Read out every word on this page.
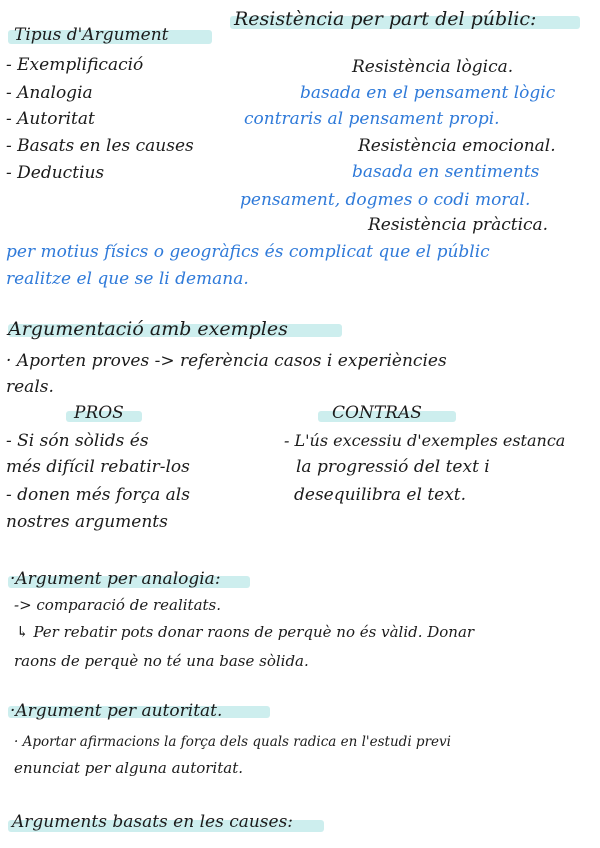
Tipus d'Argument
Resistència per part del públic:
- Exemplificació
- Analogia
- Autoritat
- Basats en les causes
- Deductius
Resistència lògica.
basada en el pensament lògic
contraris al pensament propi.
Resistència emocional.
basada en sentiments
pensament, dogmes o codi moral.
Resistència pràctica.
per motius físics o geogràfics és complicat que el públic
realitze el que se li demana.
Argumentació amb exemples
· Aporten proves -> referència casos i experiències
reals.
PROS	CONTRAS
- Si són sòlids és
més difícil rebatir-los
- donen més força als
nostres arguments
- L'ús excessiu d'exemples estanca
la progressió del text i
desequilibra el text.
·Argument per analogia:
-> comparació de realitats.
↳ Per rebatir pots donar raons de perquè no és vàlid. Donar
raons de perquè no té una base sòlida.
·Argument per autoritat.
· Aportar afirmacions la força dels quals radica en l'estudi previ
enunciat per alguna autoritat.
Arguments basats en les causes:
